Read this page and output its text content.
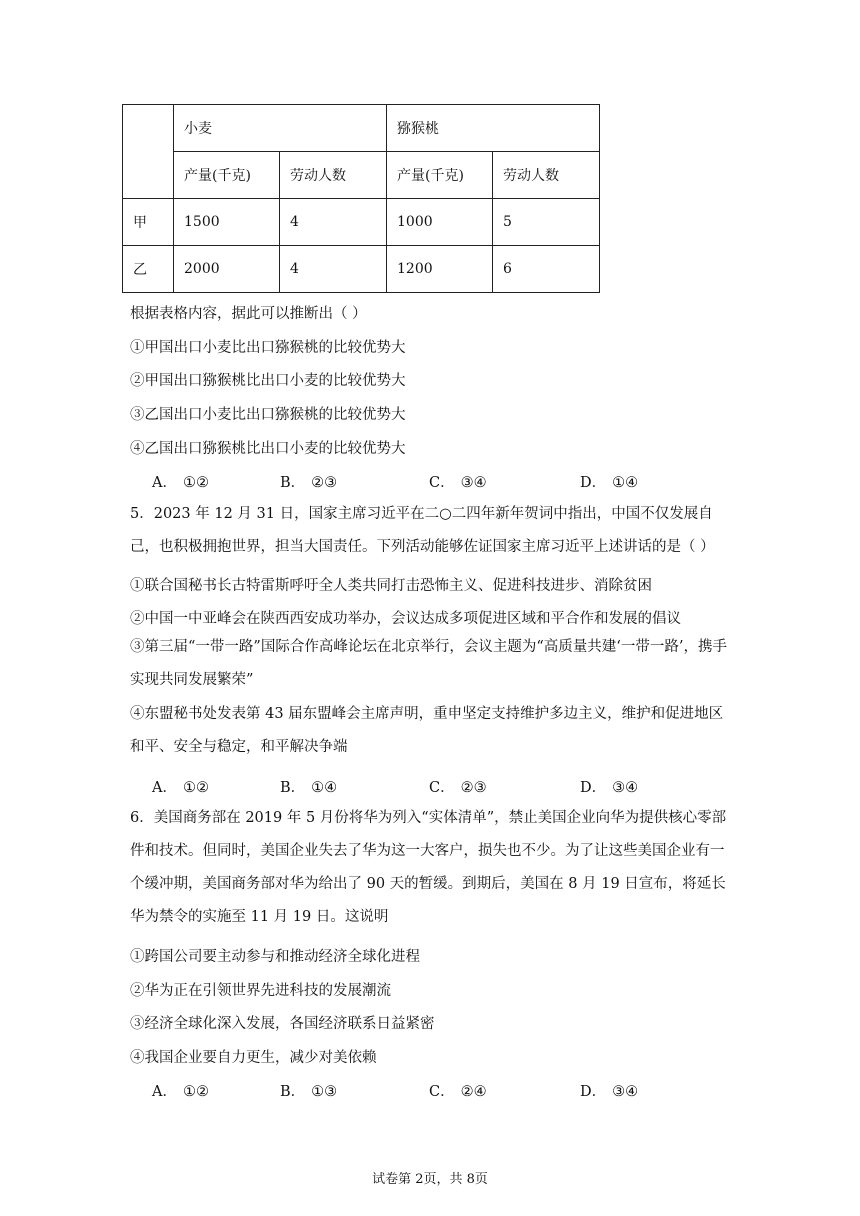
	小麦		猕猴桃	
	产量(千克)	劳动人数	产量(千克)	劳动人数
甲	1500	4	1000	5
乙	2000	4	1200	6
根据表格内容，据此可以推断出（ ）
①甲国出口小麦比出口猕猴桃的比较优势大
②甲国出口猕猴桃比出口小麦的比较优势大
③乙国出口小麦比出口猕猴桃的比较优势大
④乙国出口猕猴桃比出口小麦的比较优势大
A． ①②	B． ②③	C． ③④	D． ①④
5．2023 年 12 月 31 日，国家主席习近平在二○二四年新年贺词中指出，中国不仅发展自己，也积极拥抱世界，担当大国责任。下列活动能够佐证国家主席习近平上述讲话的是（ ）
①联合国秘书长古特雷斯呼吁全人类共同打击恐怖主义、促进科技进步、消除贫困
②中国一中亚峰会在陕西西安成功举办，会议达成多项促进区域和平合作和发展的倡议
③第三届“一带一路”国际合作高峰论坛在北京举行，会议主题为“高质量共建‘一带一路’，携手实现共同发展繁荣”
④东盟秘书处发表第 43 届东盟峰会主席声明，重申坚定支持维护多边主义，维护和促进地区和平、安全与稳定，和平解决争端
A． ①②	B． ①④	C． ②③	D． ③④
6．美国商务部在 2019 年 5 月份将华为列入“实体清单”，禁止美国企业向华为提供核心零部件和技术。但同时，美国企业失去了华为这一大客户，损失也不少。为了让这些美国企业有一个缓冲期，美国商务部对华为给出了 90 天的暂缓。到期后，美国在 8 月 19 日宣布，将延长华为禁令的实施至 11 月 19 日。这说明
①跨国公司要主动参与和推动经济全球化进程
②华为正在引领世界先进科技的发展潮流
③经济全球化深入发展，各国经济联系日益紧密
④我国企业要自力更生，减少对美依赖
A． ①②	B． ①③	C． ②④	D． ③④
试卷第 2页，共 8页
